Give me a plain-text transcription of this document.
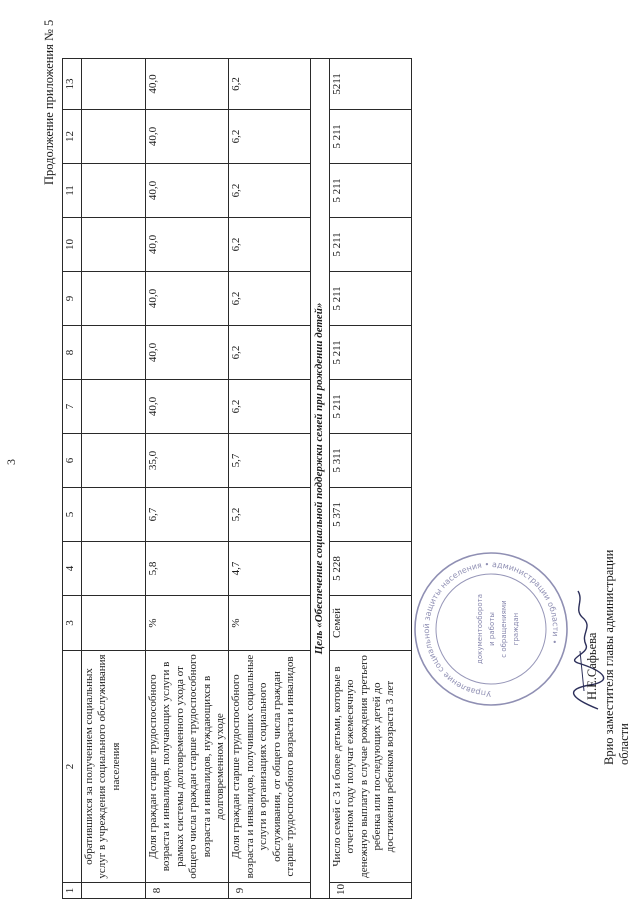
3
Продолжение приложения № 5
1	2	3	4	5	6	7	8	9	10	11	12	13
	обратившихся за получением социальных услуг в учреждения социального обслуживания населения											
8	Доля граждан старше трудоспособного возраста и инвалидов, получающих услуги в рамках системы долговременного ухода от общего числа граждан старше трудоспособного возраста и инвалидов, нуждающихся в долговременном уходе	%	5,8	6,7	35,0	40,0	40,0	40,0	40,0	40,0	40,0	40,0
9	Доля граждан старше трудоспособного возраста и инвалидов, получивших социальные услуги в организациях социального обслуживания, от общего числа граждан старше трудоспособного возраста и инвалидов	%	4,7	5,2	5,7	6,2	6,2	6,2	6,2	6,2	6,2	6,2
Цель «Обеспечение социальной поддержки семей при рождении детей»												
10	Число семей с 3 и более детьми, которые в отчетном году получат ежемесячную денежную выплату в случае рождения третьего ребенка или последующих детей до достижения ребенком возраста 3 лет	Семей	5 228	5 371	5 311	5 211	5 211	5 211	5 211	5 211	5 211	5211
Управление социальной защиты населения • администрации области •
документооборота и работы с обращениями граждан
Н.Е.Сафьева Врио заместителя главы администрации области
